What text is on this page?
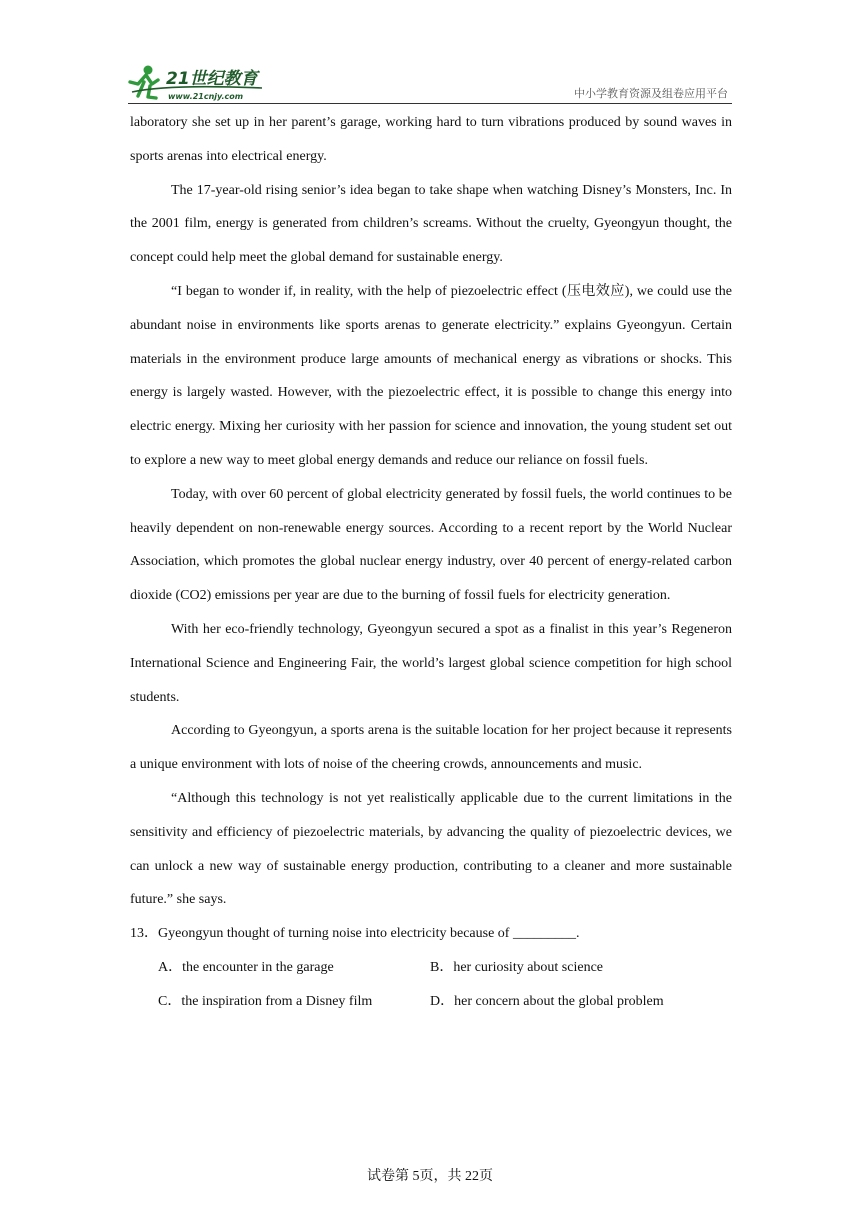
21世纪教育
www.21cnjy.com	中小学教育资源及组卷应用平台

laboratory she set up in her parent’s garage, working hard to turn vibrations produced by sound waves in sports arenas into electrical energy.

The 17-year-old rising senior’s idea began to take shape when watching Disney’s Monsters, Inc. In the 2001 film, energy is generated from children’s screams. Without the cruelty, Gyeongyun thought, the concept could help meet the global demand for sustainable energy.

“I began to wonder if, in reality, with the help of piezoelectric effect (压电效应), we could use the abundant noise in environments like sports arenas to generate electricity.” explains Gyeongyun. Certain materials in the environment produce large amounts of mechanical energy as vibrations or shocks. This energy is largely wasted. However, with the piezoelectric effect, it is possible to change this energy into electric energy. Mixing her curiosity with her passion for science and innovation, the young student set out to explore a new way to meet global energy demands and reduce our reliance on fossil fuels.

Today, with over 60 percent of global electricity generated by fossil fuels, the world continues to be heavily dependent on non-renewable energy sources. According to a recent report by the World Nuclear Association, which promotes the global nuclear energy industry, over 40 percent of energy-related carbon dioxide (CO2) emissions per year are due to the burning of fossil fuels for electricity generation.

With her eco-friendly technology, Gyeongyun secured a spot as a finalist in this year’s Regeneron International Science and Engineering Fair, the world’s largest global science competition for high school students.

According to Gyeongyun, a sports arena is the suitable location for her project because it represents a unique environment with lots of noise of the cheering crowds, announcements and music.

“Although this technology is not yet realistically applicable due to the current limitations in the sensitivity and efficiency of piezoelectric materials, by advancing the quality of piezoelectric devices, we can unlock a new way of sustainable energy production, contributing to a cleaner and more sustainable future.” she says.

13．Gyeongyun thought of turning noise into electricity because of _________.

A．the encounter in the garage	B．her curiosity about science
C．the inspiration from a Disney film	D．her concern about the global problem
试卷第 5页，共 22页
